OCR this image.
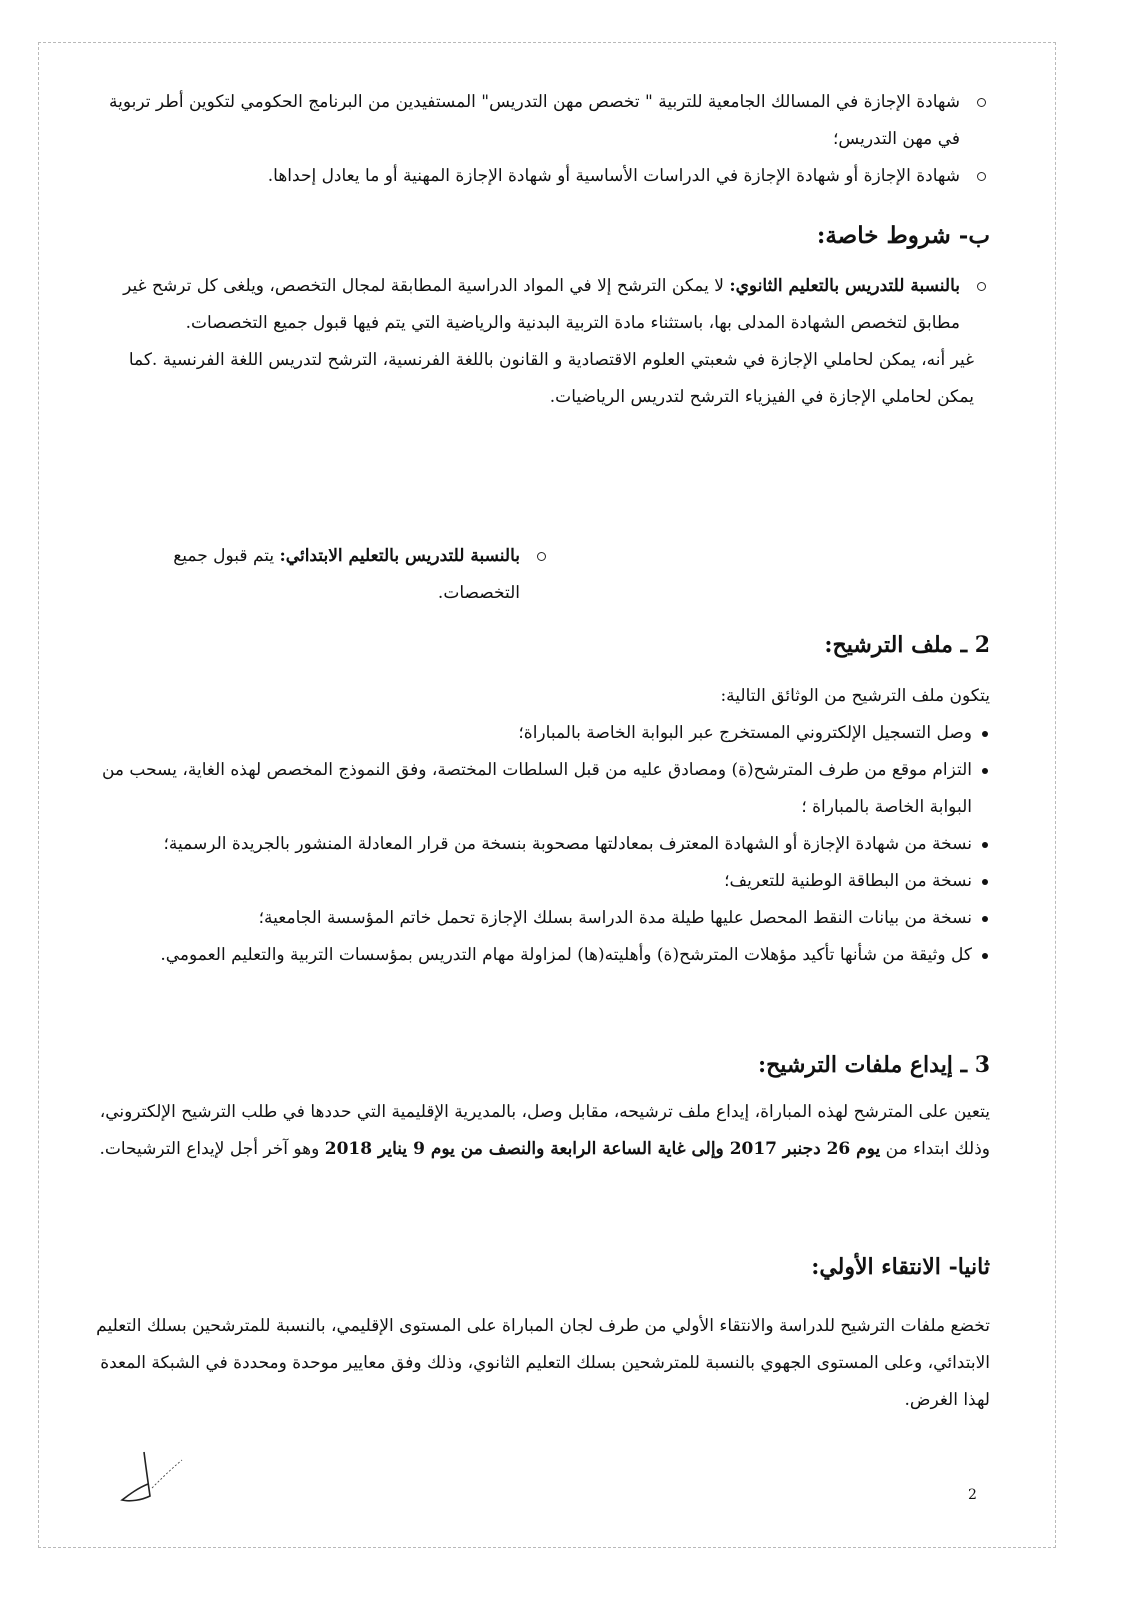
شهادة الإجازة في المسالك الجامعية للتربية " تخصص مهن التدريس" المستفيدين من البرنامج الحكومي لتكوين أطر تربوية في مهن التدريس؛

شهادة الإجازة أو شهادة الإجازة في الدراسات الأساسية أو شهادة الإجازة المهنية أو ما يعادل إحداها.

ب- شروط خاصة:

بالنسبة للتدريس بالتعليم الثانوي: لا يمكن الترشح إلا في المواد الدراسية المطابقة لمجال التخصص، ويلغى كل ترشح غير مطابق لتخصص الشهادة المدلى بها، باستثناء مادة التربية البدنية والرياضية التي يتم فيها قبول جميع التخصصات.

غير أنه، يمكن لحاملي الإجازة في شعبتي العلوم الاقتصادية و القانون باللغة الفرنسية، الترشح لتدريس اللغة الفرنسية .كما يمكن لحاملي الإجازة في الفيزياء الترشح لتدريس الرياضيات.

بالنسبة للتدريس بالتعليم الابتدائي: يتم قبول جميع التخصصات.

2 ـ ملف الترشيح:

يتكون ملف الترشيح من الوثائق التالية:

وصل التسجيل الإلكتروني المستخرج عبر البوابة الخاصة بالمباراة؛

التزام موقع من طرف المترشح(ة) ومصادق عليه من قبل السلطات المختصة، وفق النموذج المخصص لهذه الغاية، يسحب من البوابة الخاصة بالمباراة ؛

نسخة من شهادة الإجازة أو الشهادة المعترف بمعادلتها مصحوبة بنسخة من قرار المعادلة المنشور بالجريدة الرسمية؛

نسخة من البطاقة الوطنية للتعريف؛

نسخة من بيانات النقط المحصل عليها طيلة مدة الدراسة بسلك الإجازة تحمل خاتم المؤسسة الجامعية؛

كل وثيقة من شأنها تأكيد مؤهلات المترشح(ة) وأهليته(ها) لمزاولة مهام التدريس بمؤسسات التربية والتعليم العمومي.

3 ـ إيداع ملفات الترشيح:

يتعين على المترشح لهذه المباراة، إيداع ملف ترشيحه، مقابل وصل، بالمديرية الإقليمية التي حددها في طلب الترشيح الإلكتروني، وذلك ابتداء من يوم 26 دجنبر 2017 وإلى غاية الساعة الرابعة والنصف من يوم 9 يناير 2018 وهو آخر أجل لإيداع الترشيحات.

ثانيا- الانتقاء الأولي:

تخضع ملفات الترشيح للدراسة والانتقاء الأولي من طرف لجان المباراة على المستوى الإقليمي، بالنسبة للمترشحين بسلك التعليم الابتدائي، وعلى المستوى الجهوي بالنسبة للمترشحين بسلك التعليم الثانوي، وذلك وفق معايير موحدة ومحددة في الشبكة المعدة لهذا الغرض.

2
